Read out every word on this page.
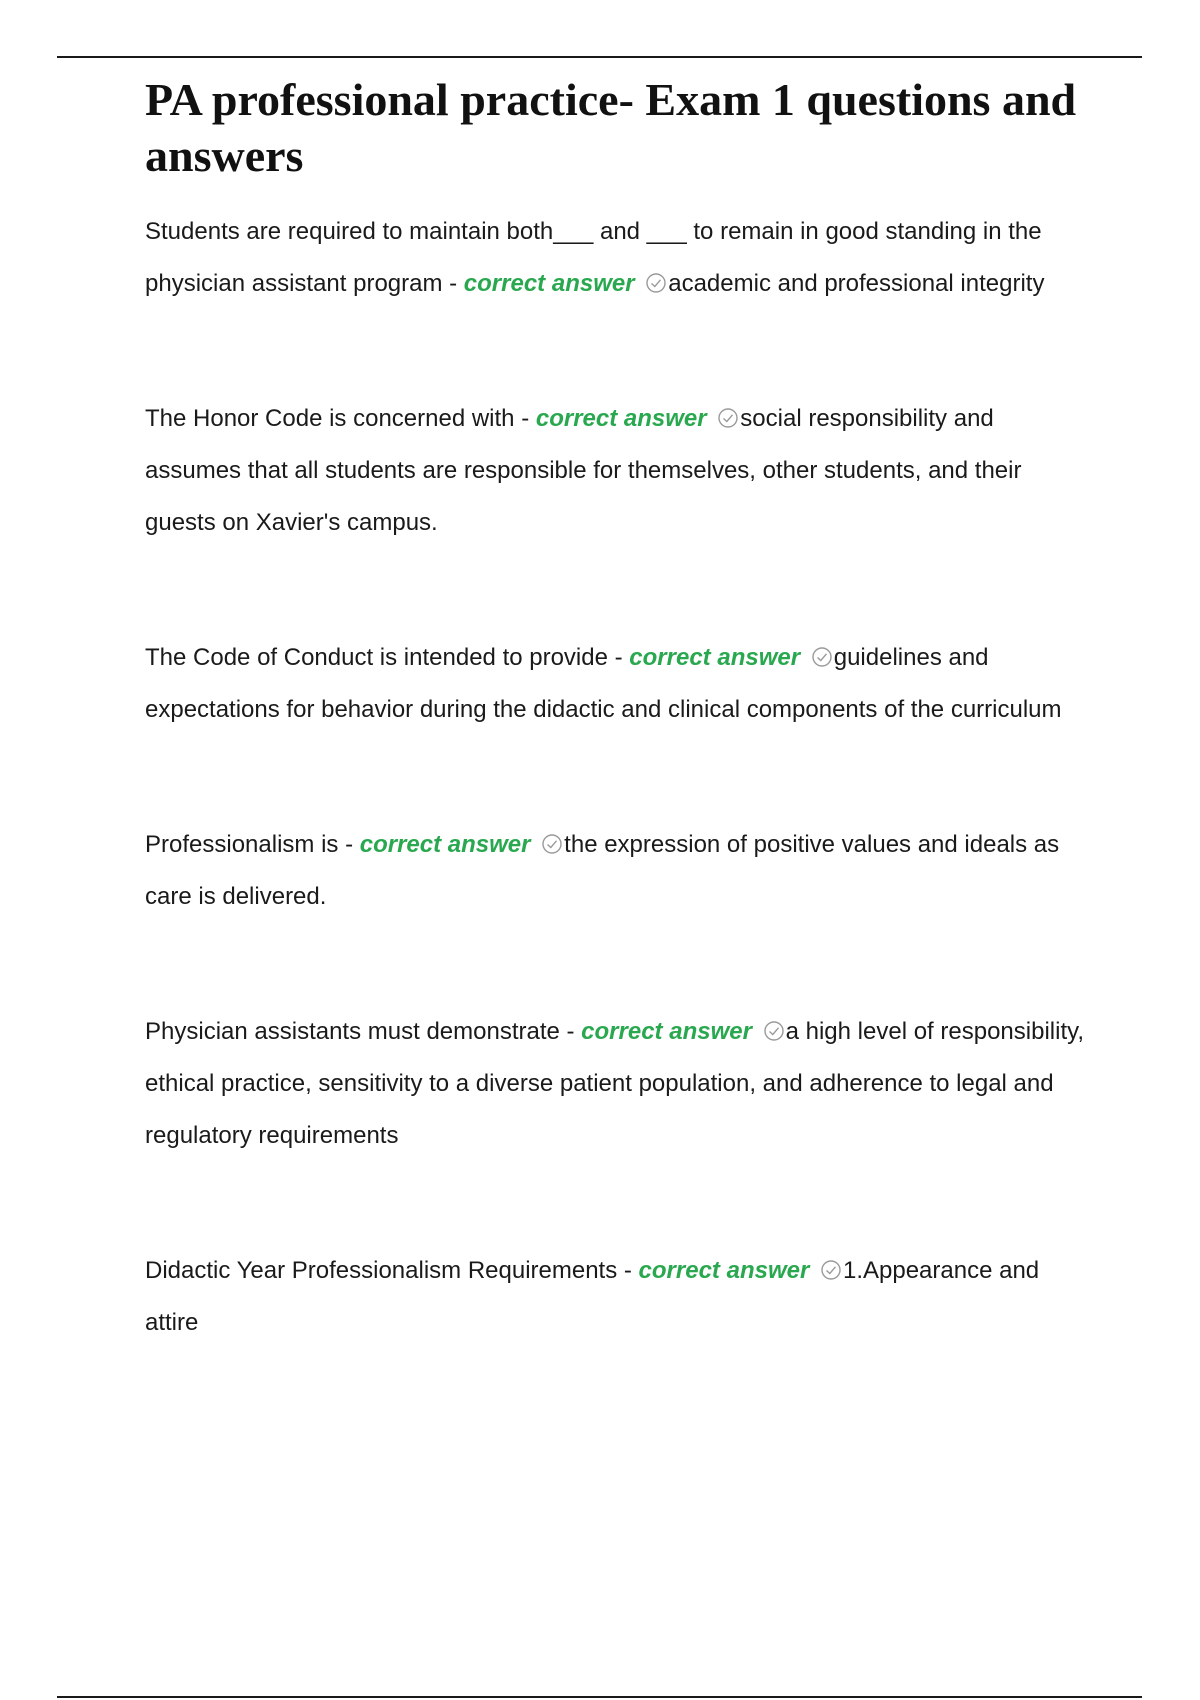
PA professional practice- Exam 1 questions and answers

Students are required to maintain both___ and ___ to remain in good standing in the physician assistant program - correct answer academic and professional integrity

The Honor Code is concerned with - correct answer social responsibility and assumes that all students are responsible for themselves, other students, and their guests on Xavier's campus.

The Code of Conduct is intended to provide - correct answer guidelines and expectations for behavior during the didactic and clinical components of the curriculum

Professionalism is - correct answer the expression of positive values and ideals as care is delivered.

Physician assistants must demonstrate - correct answer a high level of responsibility, ethical practice, sensitivity to a diverse patient population, and adherence to legal and regulatory requirements

Didactic Year Professionalism Requirements - correct answer 1.Appearance and attire
